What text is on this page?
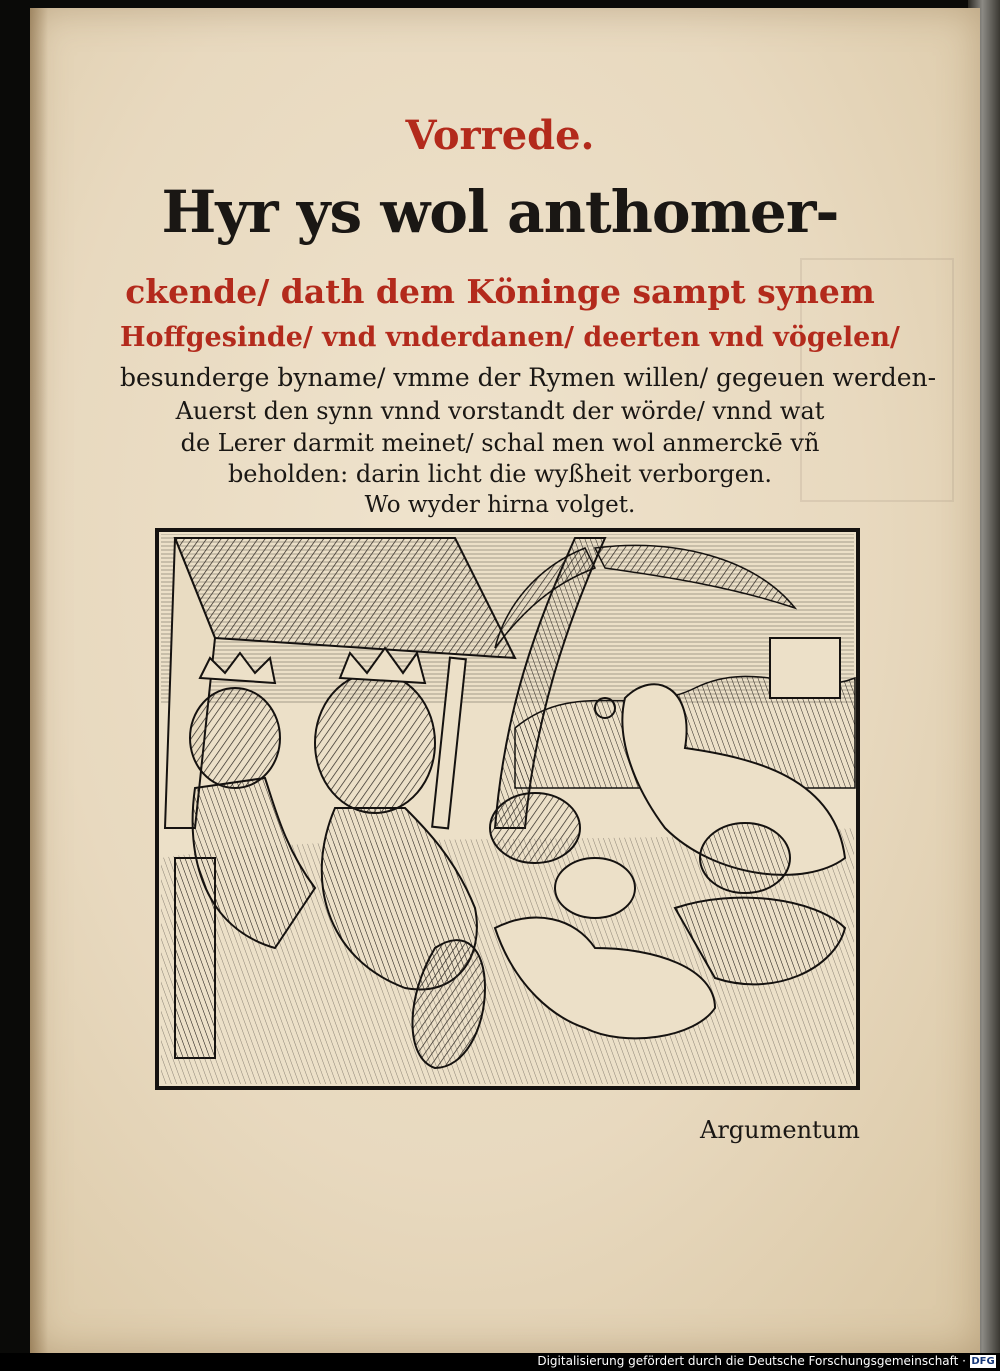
Vorrede.
Hyr ys wol anthomer-
ckende/ dath dem Köninge sampt synem
Hoffgesinde/ vnd vnderdanen/ deerten vnd vögelen/
besunderge byname/ vmme der Rymen willen/ gegeuen werden-
Auerst den synn vnnd vorstandt der wörde/ vnnd wat
de Lerer darmit meinet/ schal men wol anmerckē vñ
beholden: darin licht die wyßheit verborgen.
Wo wyder hirna volget.
Argumentum
Digitalisierung gefördert durch die Deutsche Forschungsgemeinschaft · DFG
